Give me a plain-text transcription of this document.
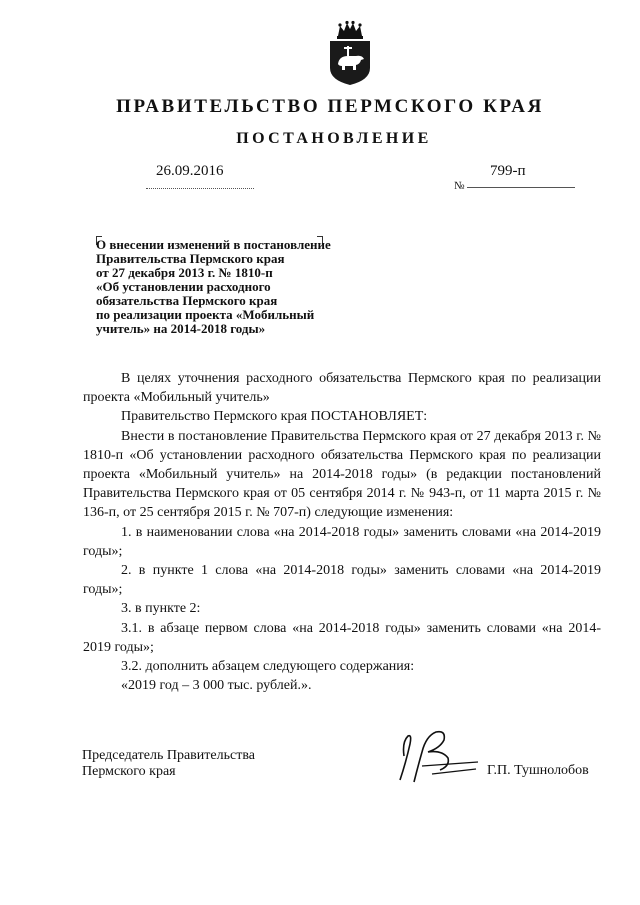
ПРАВИТЕЛЬСТВО ПЕРМСКОГО КРАЯ
ПОСТАНОВЛЕНИЕ
26.09.2016
№
799-п
О внесении изменений в постановление
Правительства Пермского края
от 27 декабря 2013 г. № 1810-п
«Об установлении расходного
обязательства Пермского края
по реализации проекта «Мобильный
учитель» на 2014-2018 годы»

В целях уточнения расходного обязательства Пермского края по реализации проекта «Мобильный учитель»

Правительство Пермского края ПОСТАНОВЛЯЕТ:

Внести в постановление Правительства Пермского края от 27 декабря 2013 г. № 1810-п «Об установлении расходного обязательства Пермского края по реализации проекта «Мобильный учитель» на 2014-2018 годы» (в редакции постановлений Правительства Пермского края от 05 сентября 2014 г. № 943-п, от 11 марта 2015 г. № 136-п, от 25 сентября 2015 г. № 707-п) следующие изменения:

1. в наименовании слова «на 2014-2018 годы» заменить словами «на 2014-2019 годы»;

2. в пункте 1 слова «на 2014-2018 годы» заменить словами «на 2014-2019 годы»;

3. в пункте 2:

3.1. в абзаце первом слова «на 2014-2018 годы» заменить словами «на 2014-2019 годы»;

3.2. дополнить абзацем следующего содержания:

«2019 год – 3 000 тыс. рублей.».

Председатель Правительства
Пермского края	Г.П. Тушнолобов
